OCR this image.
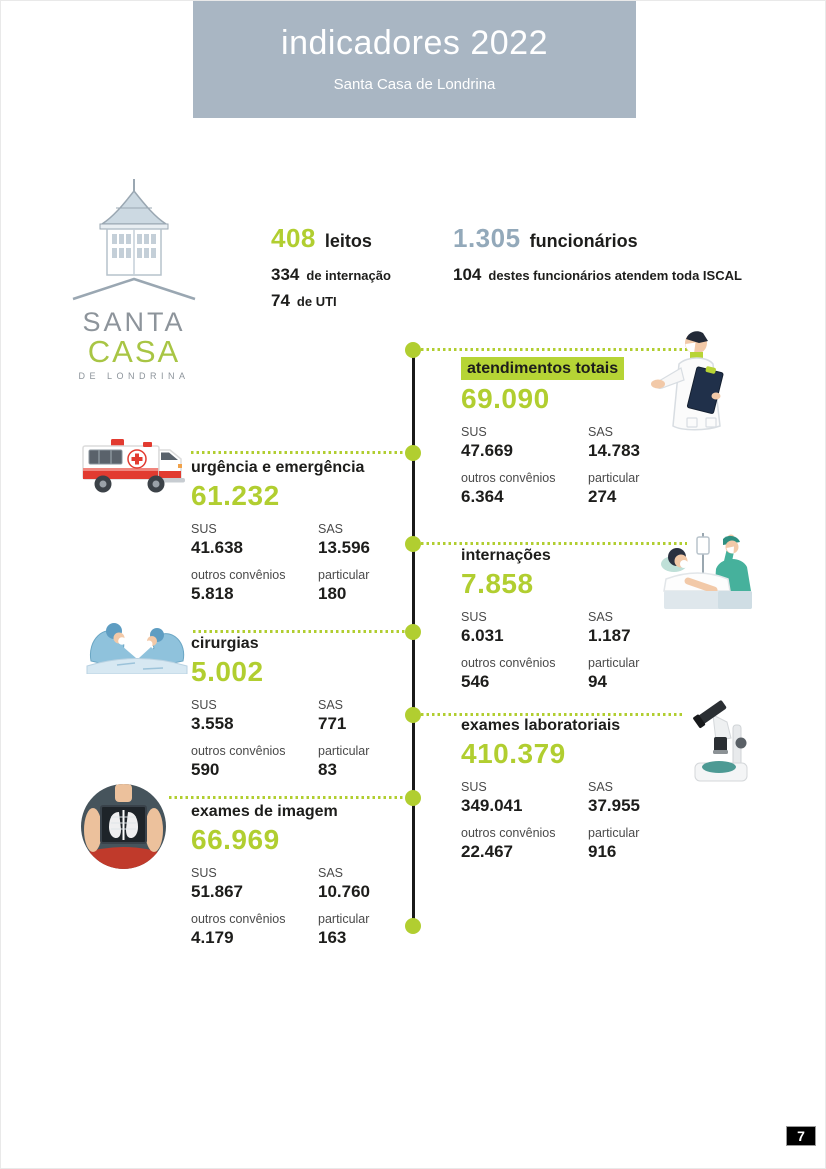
indicadores 2022
Santa Casa de Londrina
SANTA
CASA
DE LONDRINA
408 leitos
334 de internação
74 de UTI
1.305 funcionários
104 destes funcionários atendem toda ISCAL
atendimentos totais
69.090
SUS
47.669
SAS
14.783
outros convênios
6.364
particular
274
urgência e emergência
61.232
SUS
41.638
SAS
13.596
outros convênios
5.818
particular
180
internações
7.858
SUS
6.031
SAS
1.187
outros convênios
546
particular
94
cirurgias
5.002
SUS
3.558
SAS
771
outros convênios
590
particular
83
exames laboratoriais
410.379
SUS
349.041
SAS
37.955
outros convênios
22.467
particular
916
exames de imagem
66.969
SUS
51.867
SAS
10.760
outros convênios
4.179
particular
163
7
